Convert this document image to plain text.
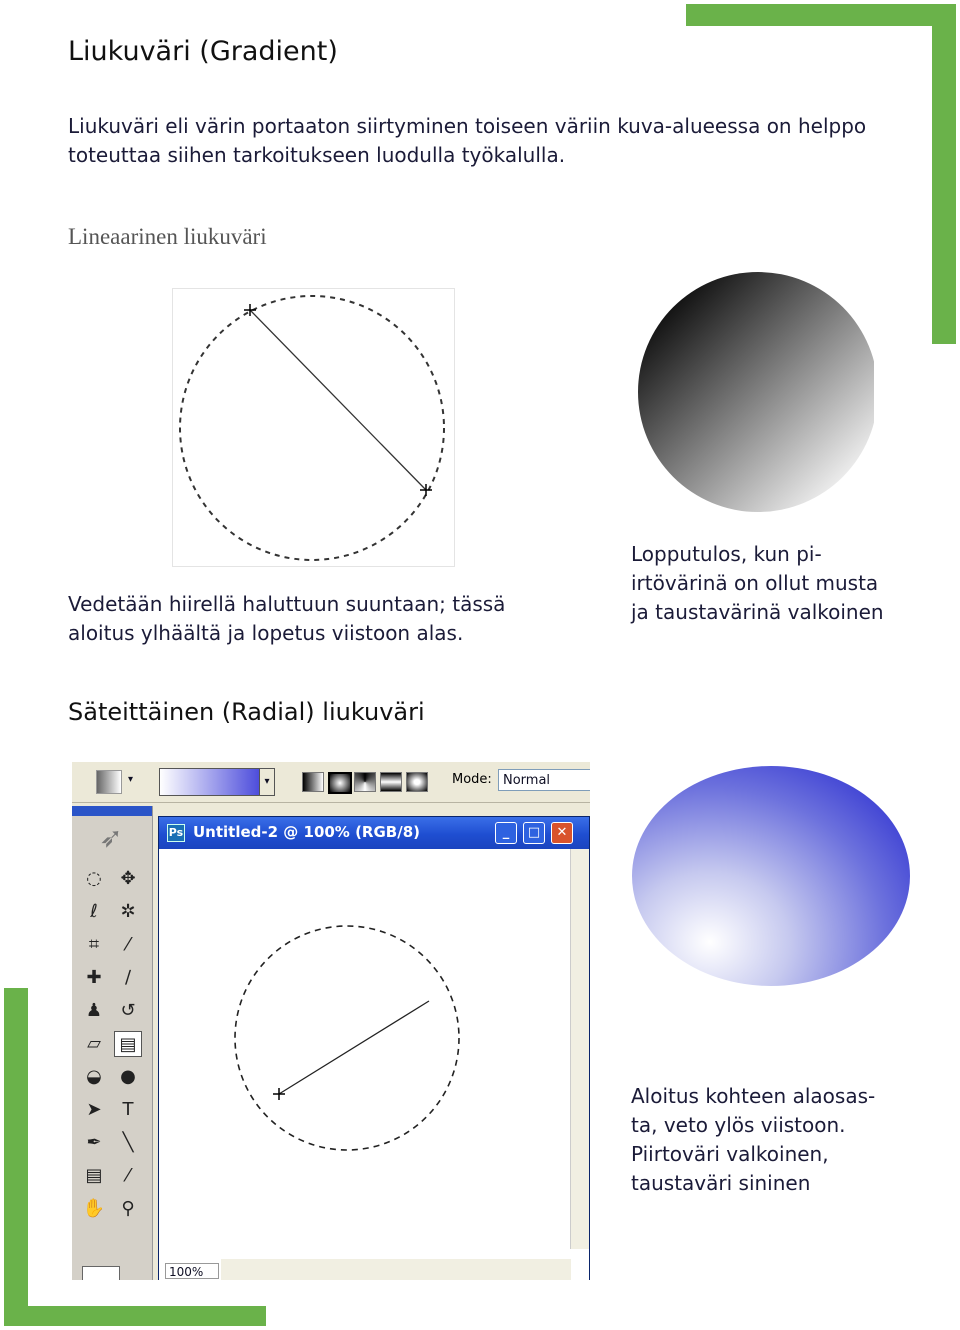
Liukuväri (Gradient)

Liukuväri eli värin portaaton siirtyminen toiseen väriin kuva-alueessa on helppo toteuttaa siihen tarkoitukseen luodulla työkalulla.

Lineaarinen liukuväri

Vedetään hiirellä haluttuun suuntaan; tässä

aloitus ylhäältä ja lopetus viistoon alas.

Lopputulos, kun pi-

irtövärinä on ollut musta

ja taustavärinä valkoinen

Säteittäinen (Radial) liukuväri
▾	▾	Mode: Normal
➶
◌	✥
ℓ	✲
⌗	⁄
✚	∕
♟	↺
▱	▤
◒	●
➤	T
✒	╲
▤	⁄
✋ ⚲
Ps Untitled-2 @ 100% (RGB/8)	_	□	✕
100%

Aloitus kohteen alaosas-

ta, veto ylös viistoon.

Piirtoväri valkoinen,

taustaväri sininen
